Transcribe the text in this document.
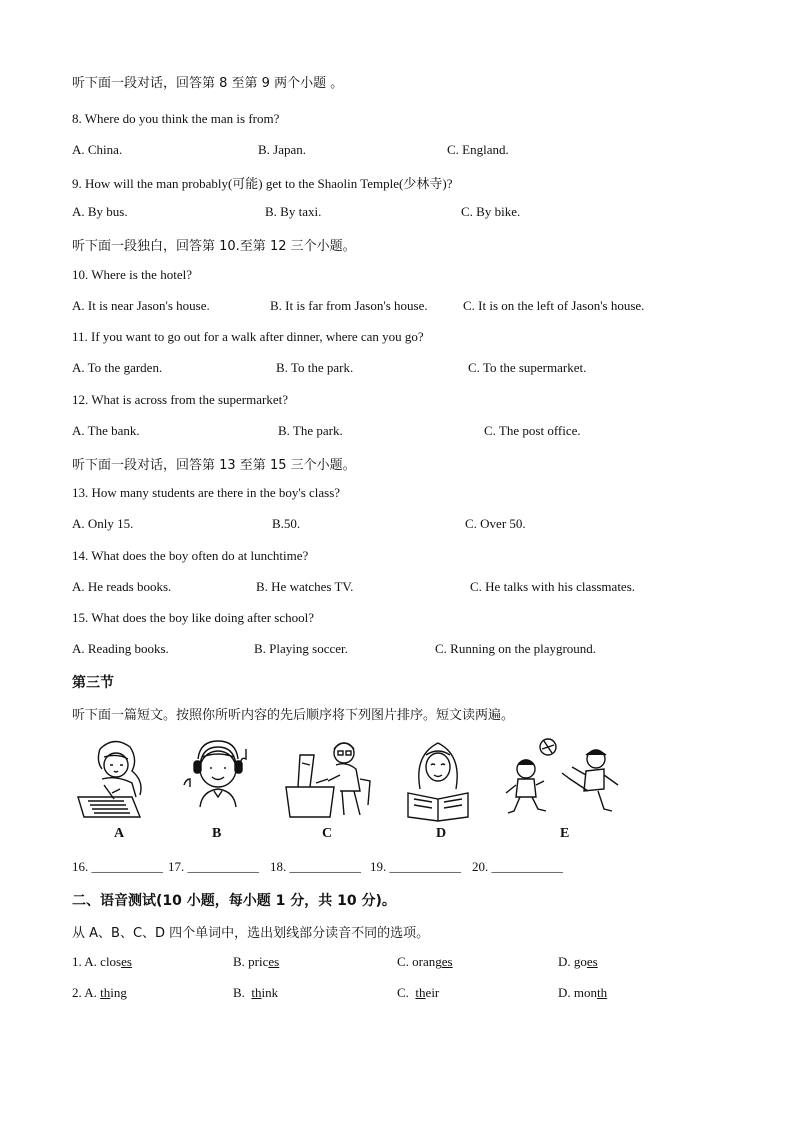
听下面一段对话，回答第 8 至第 9 两个小题 。
8. Where do you think the man is from?
A. China.	B. Japan.	C. England.
9. How will the man probably(可能) get to the Shaolin Temple(少林寺)?
A. By bus.	B. By taxi.	C. By bike.
听下面一段独白，回答第 10.至第 12 三个小题。
10. Where is the hotel?
A. It is near Jason's house.	B. It is far from Jason's house.	C. It is on the left of Jason's house.
11. If you want to go out for a walk after dinner, where can you go?
A. To the garden.	B. To the park.	C. To the supermarket.
12. What is across from the supermarket?
A. The bank.	B. The park.	C. The post office.
听下面一段对话，回答第 13 至第 15 三个小题。
13. How many students are there in the boy's class?
A. Only 15.	B.50.	C. Over 50.
14. What does the boy often do at lunchtime?
A. He reads books.	B. He watches TV.	C. He talks with his classmates.
15. What does the boy like doing after school?
A. Reading books.	B. Playing soccer.	C. Running on the playground.
第三节
听下面一篇短文。按照你所听内容的先后顺序将下列图片排序。短文读两遍。
A	B	C	D	E
16. ___________ 17. ___________ 18. ___________ 19. ___________ 20. ___________
二、语音测试(10 小题，每小题 1 分，共 10 分)。
从 A、B、C、D 四个单词中，选出划线部分读音不同的选项。
1. A. closes	B. prices	C. oranges	D. goes
2. A. thing	B.  think	C.  their	D. month
